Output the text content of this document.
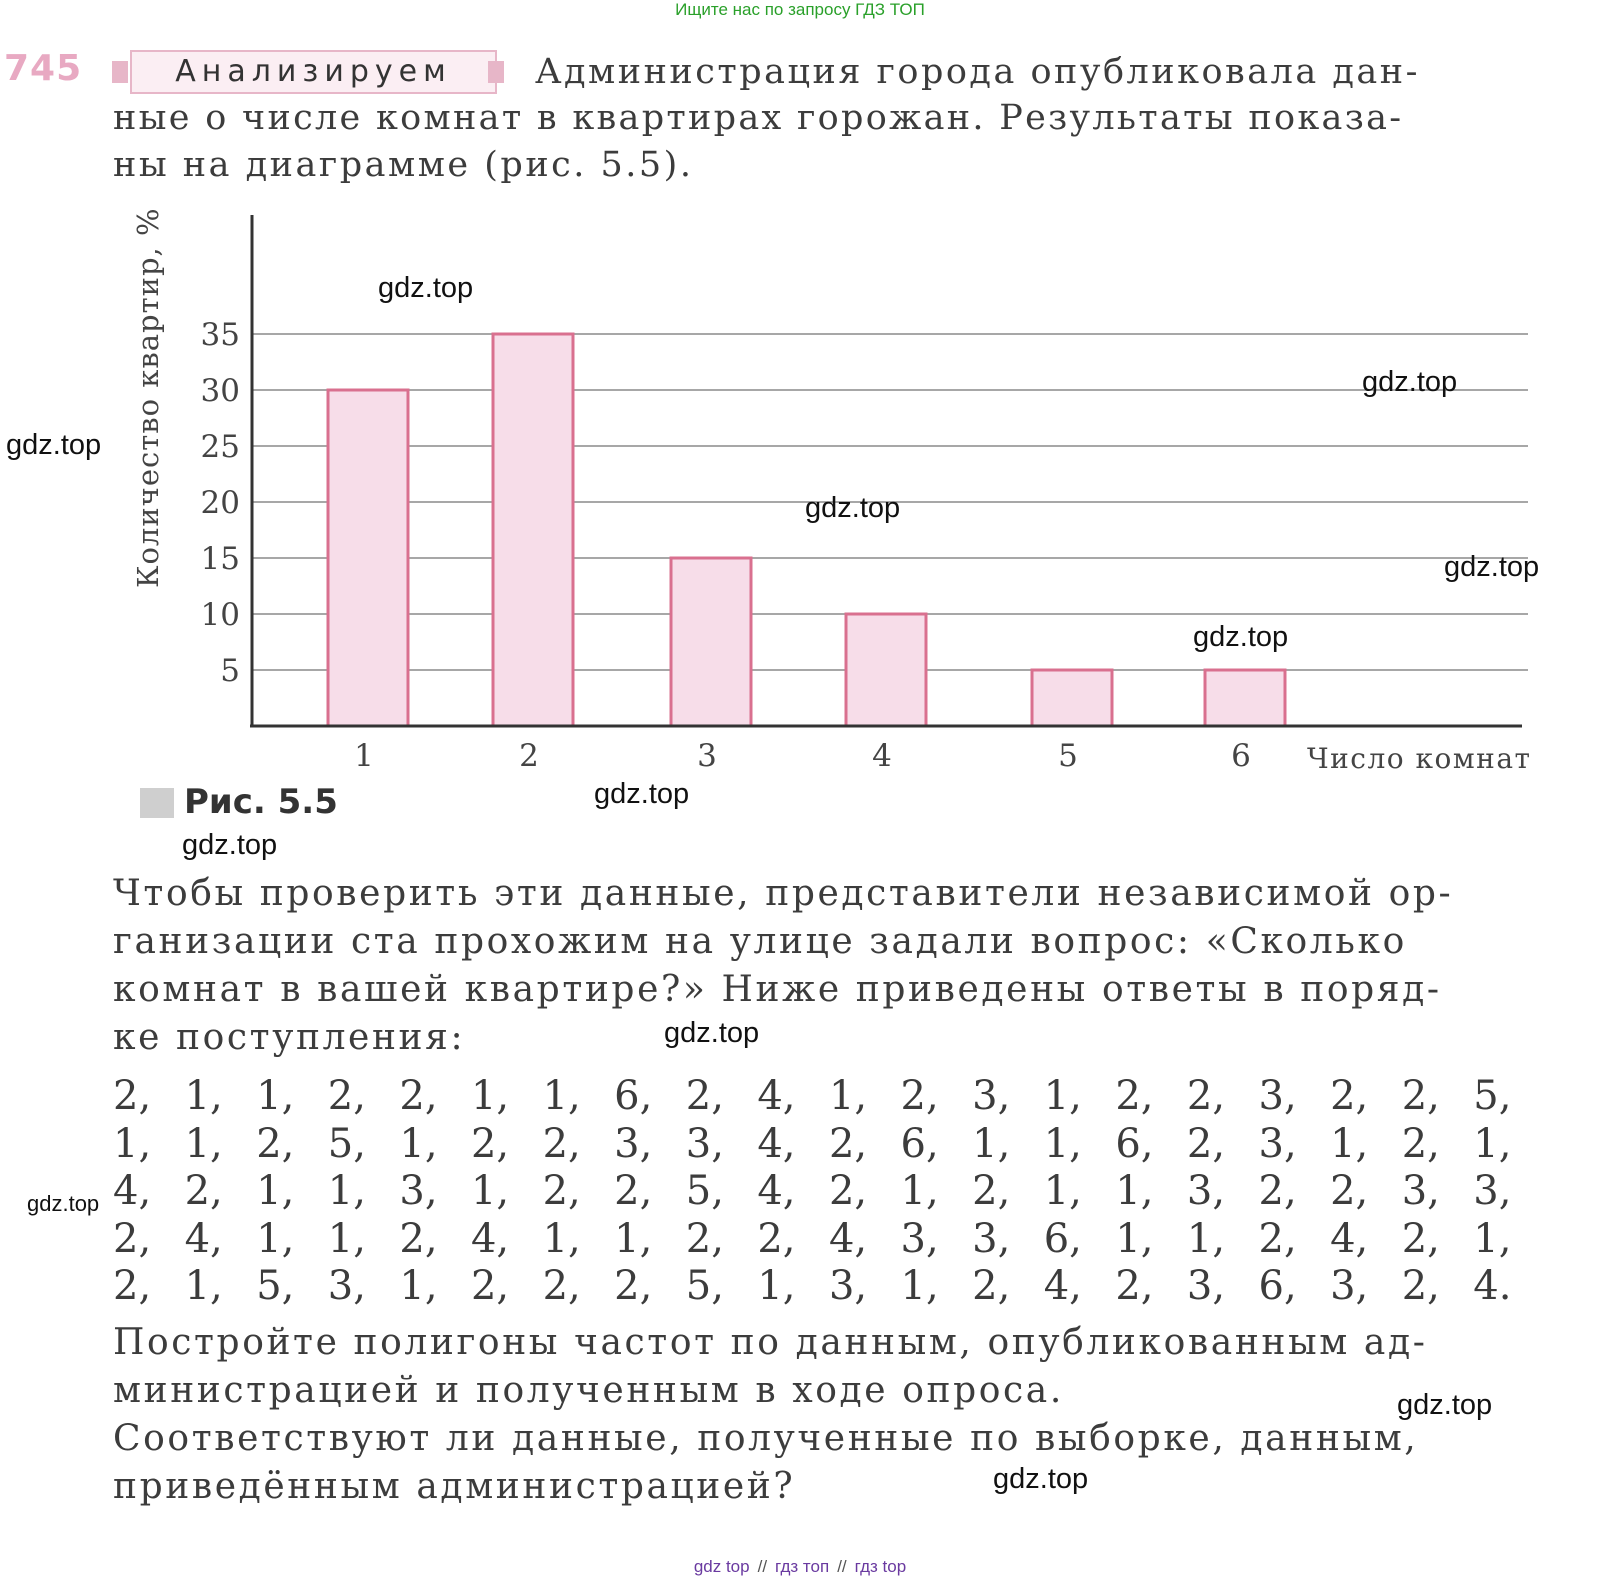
Ищите нас по запросу ГДЗ ТОП
745	Анализируем	Администрация города опубликовала дан-
ные о числе комнат в квартирах горожан. Результаты показа-
ны на диаграмме (рис. 5.5).
5
10
15
20
25
30
35
1	2	3	4	5	6
Количество квартир, %
Число комнат
Рис. 5.5
Чтобы проверить эти данные, представители независимой ор-
ганизации ста прохожим на улице задали вопрос: «Сколько
комнат в вашей квартире?» Ниже приведены ответы в поряд-
ке поступления:
2, 1, 1, 2, 2, 1, 1, 6, 2, 4, 1, 2, 3, 1, 2, 2, 3, 2, 2, 5,
1, 1, 2, 5, 1, 2, 2, 3, 3, 4, 2, 6, 1, 1, 6, 2, 3, 1, 2, 1,
4, 2, 1, 1, 3, 1, 2, 2, 5, 4, 2, 1, 2, 1, 1, 3, 2, 2, 3, 3,
2, 4, 1, 1, 2, 4, 1, 1, 2, 2, 4, 3, 3, 6, 1, 1, 2, 4, 2, 1,
2, 1, 5, 3, 1, 2, 2, 2, 5, 1, 3, 1, 2, 4, 2, 3, 6, 3, 2, 4.
Постройте полигоны частот по данным, опубликованным ад-
министрацией и полученным в ходе опроса.
Соответствуют ли данные, полученные по выборке, данным,
приведённым администрацией?
gdz.top
gdz.top
gdz.top
gdz.top
gdz.top
gdz.top
gdz.top
gdz.top
gdz.top
gdz.top
gdz.top
gdz.top
gdz top // гдз топ // гдз top
